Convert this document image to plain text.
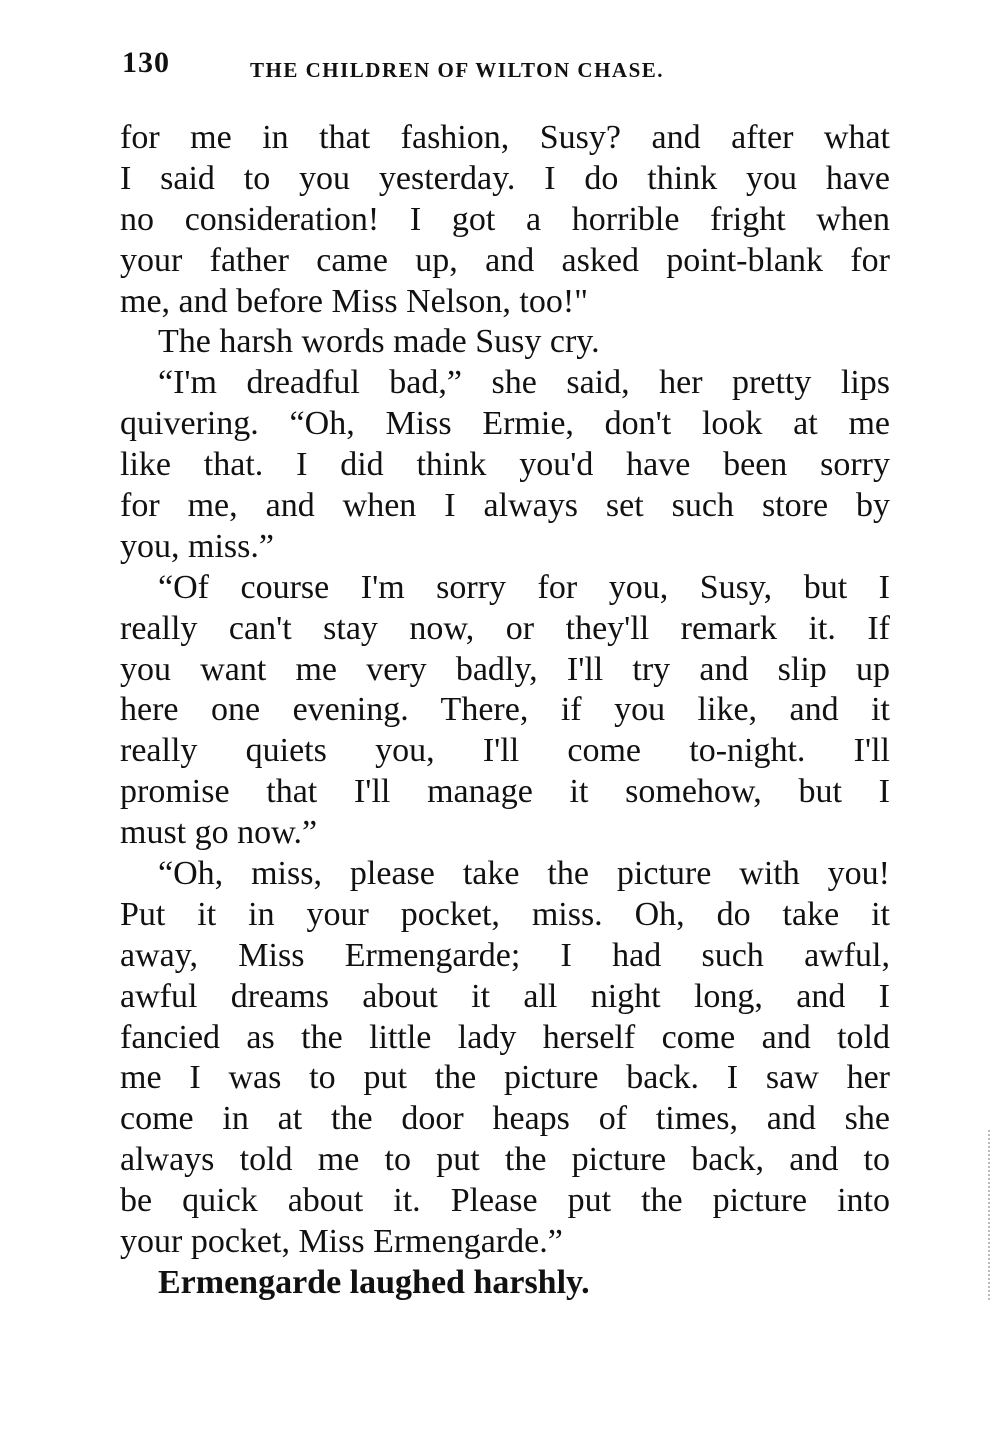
130	THE CHILDREN OF WILTON CHASE.
for me in that fashion, Susy? and after what
I said to you yesterday. I do think you have
no consideration! I got a horrible fright when
your father came up, and asked point-blank for
me, and before Miss Nelson, too!"
The harsh words made Susy cry.
“I'm dreadful bad,” she said, her pretty lips
quivering. “Oh, Miss Ermie, don't look at me
like that. I did think you'd have been sorry
for me, and when I always set such store by
you, miss.”
“Of course I'm sorry for you, Susy, but I
really can't stay now, or they'll remark it. If
you want me very badly, I'll try and slip up
here one evening. There, if you like, and it
really quiets you, I'll come to-night. I'll
promise that I'll manage it somehow, but I
must go now.”
“Oh, miss, please take the picture with you!
Put it in your pocket, miss. Oh, do take it
away, Miss Ermengarde; I had such awful,
awful dreams about it all night long, and I
fancied as the little lady herself come and told
me I was to put the picture back. I saw her
come in at the door heaps of times, and she
always told me to put the picture back, and to
be quick about it. Please put the picture into
your pocket, Miss Ermengarde.”
Ermengarde laughed harshly.
